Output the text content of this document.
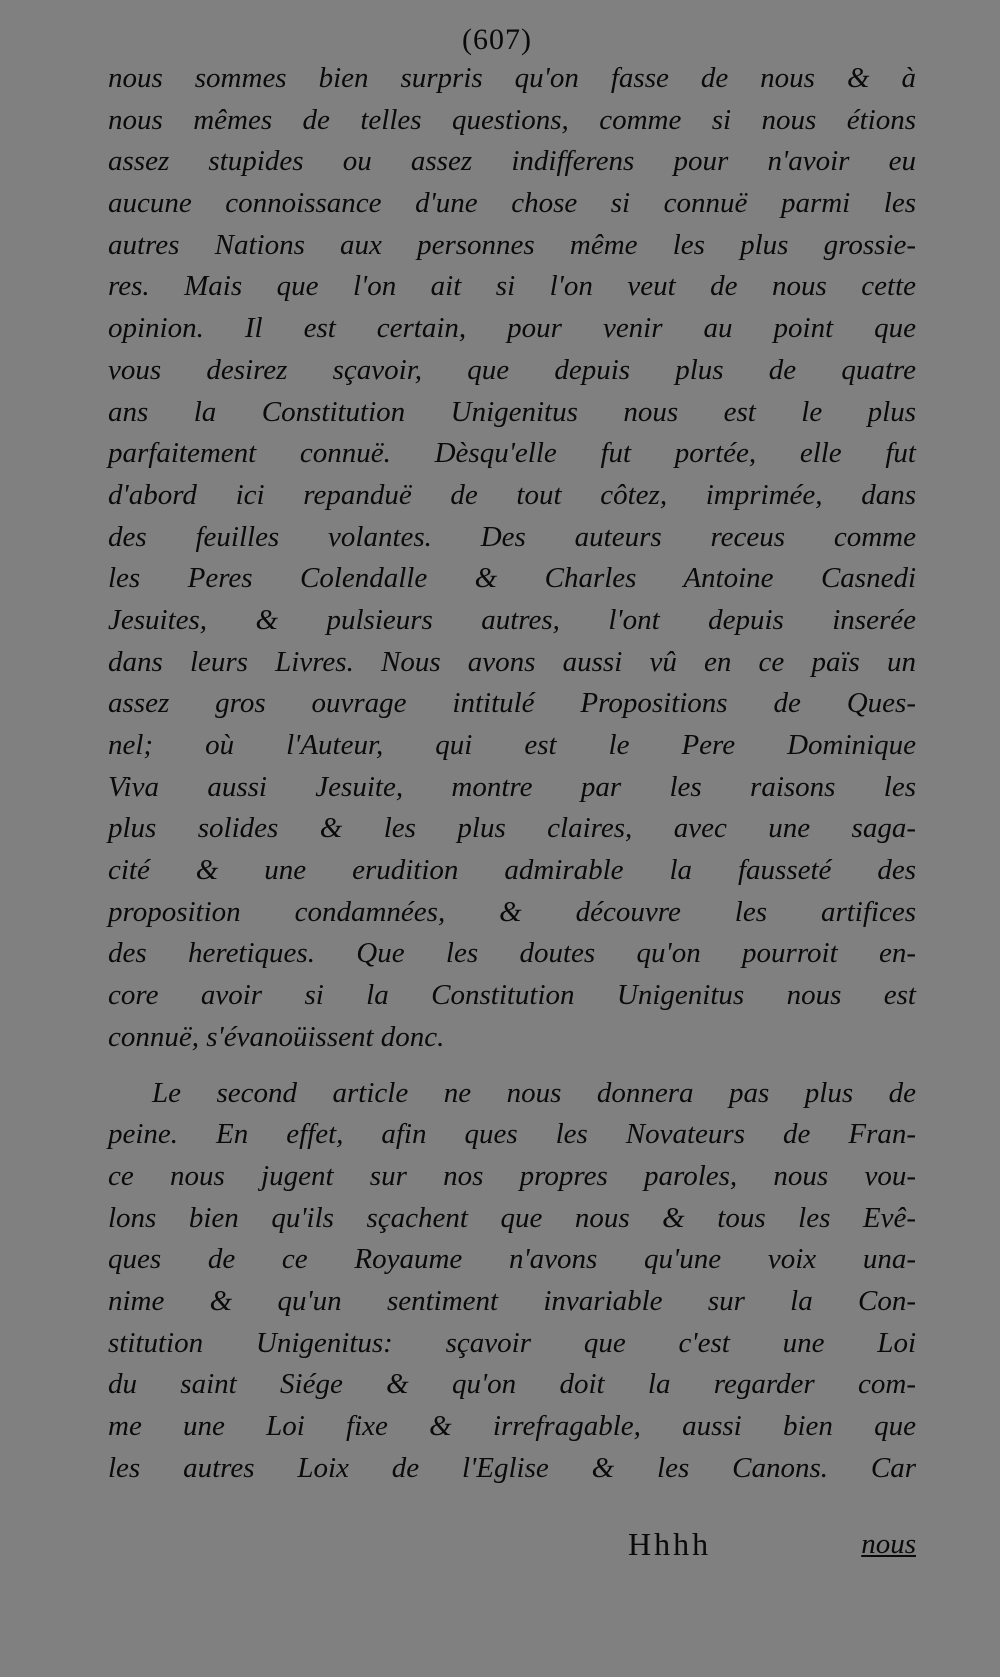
(607)
nous sommes bien surpris qu'on fasse de nous & à
nous mêmes de telles questions, comme si nous étions
assez stupides ou assez indifferens pour n'avoir eu
aucune connoissance d'une chose si connuë parmi les
autres Nations aux personnes même les plus grossie-
res. Mais que l'on ait si l'on veut de nous cette
opinion. Il est certain, pour venir au point que
vous desirez sçavoir, que depuis plus de quatre
ans la Constitution Unigenitus nous est le plus
parfaitement connuë. Dèsqu'elle fut portée, elle fut
d'abord ici repanduë de tout côtez, imprimée, dans
des feuilles volantes. Des auteurs receus comme
les Peres Colendalle & Charles Antoine Casnedi
Jesuites, & pulsieurs autres, l'ont depuis inserée
dans leurs Livres. Nous avons aussi vû en ce païs un
assez gros ouvrage intitulé Propositions de Ques-
nel; où l'Auteur, qui est le Pere Dominique
Viva aussi Jesuite, montre par les raisons les
plus solides & les plus claires, avec une saga-
cité & une erudition admirable la fausseté des
proposition condamnées, & découvre les artifices
des heretiques. Que les doutes qu'on pourroit en-
core avoir si la Constitution Unigenitus nous est
connuë, s'évanoüissent donc.
Le second article ne nous donnera pas plus de
peine. En effet, afin ques les Novateurs de Fran-
ce nous jugent sur nos propres paroles, nous vou-
lons bien qu'ils sçachent que nous & tous les Evê-
ques de ce Royaume n'avons qu'une voix una-
nime & qu'un sentiment invariable sur la Con-
stitution Unigenitus: sçavoir que c'est une Loi
du saint Siége & qu'on doit la regarder com-
me une Loi fixe & irrefragable, aussi bien que
les autres Loix de l'Eglise & les Canons. Car
Hhhh	nous
